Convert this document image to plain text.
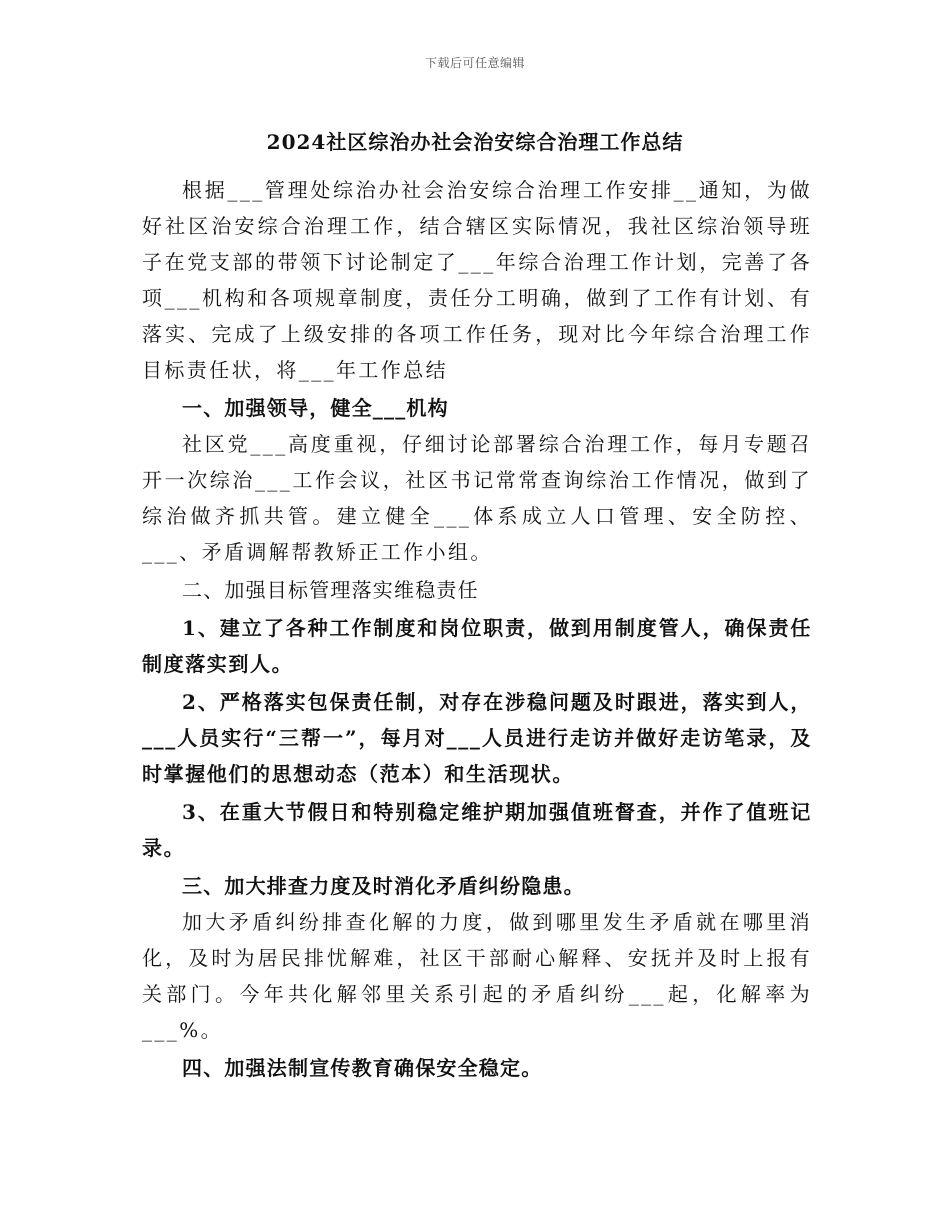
下载后可任意编辑
2024社区综治办社会治安综合治理工作总结

根据___管理处综治办社会治安综合治理工作安排__通知，为做好社区治安综合治理工作，结合辖区实际情况，我社区综治领导班子在党支部的带领下讨论制定了___年综合治理工作计划，完善了各项___机构和各项规章制度，责任分工明确，做到了工作有计划、有落实、完成了上级安排的各项工作任务，现对比今年综合治理工作目标责任状，将___年工作总结

一、加强领导，健全___机构

社区党___高度重视，仔细讨论部署综合治理工作，每月专题召开一次综治___工作会议，社区书记常常查询综治工作情况，做到了综治做齐抓共管。建立健全___体系成立人口管理、安全防控、___、矛盾调解帮教矫正工作小组。

二、加强目标管理落实维稳责任

1、建立了各种工作制度和岗位职责，做到用制度管人，确保责任制度落实到人。

2、严格落实包保责任制，对存在涉稳问题及时跟进，落实到人，___人员实行“三帮一”，每月对___人员进行走访并做好走访笔录，及时掌握他们的思想动态（范本）和生活现状。

3、在重大节假日和特别稳定维护期加强值班督查，并作了值班记录。

三、加大排查力度及时消化矛盾纠纷隐患。

加大矛盾纠纷排查化解的力度，做到哪里发生矛盾就在哪里消化，及时为居民排忧解难，社区干部耐心解释、安抚并及时上报有关部门。今年共化解邻里关系引起的矛盾纠纷___起，化解率为___%。

四、加强法制宣传教育确保安全稳定。
